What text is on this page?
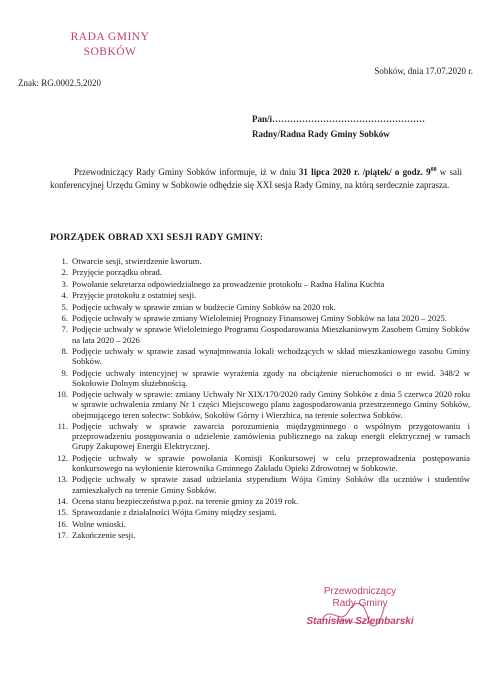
RADA GMINY
SOBKÓW
Znak: RG.0002.5.2020
Sobków, dnia 17.07.2020 r.
Pan/i……………………………………………
Radny/Radna Rady Gminy Sobków
Przewodniczący Rady Gminy Sobków informuje, iż w dniu 31 lipca 2020 r. /piątek/ o godz. $9^{00}$ w sali konferencyjnej Urzędu Gminy w Sobkowie odbędzie się XXI sesja Rady Gminy, na którą serdecznie zaprasza.
PORZĄDEK OBRAD XXI SESJI RADY GMINY:
1. Otwarcie sesji, stwierdzenie kworum.
2. Przyjęcie porządku obrad.
3. Powołanie sekretarza odpowiedzialnego za prowadzenie protokołu – Radna Halina Kuchta
4. Przyjęcie protokołu z ostatniej sesji.
5. Podjęcie uchwały w sprawie zmian w budżecie Gminy Sobków na 2020 rok.
6. Podjęcie uchwały w sprawie zmiany Wieloletniej Prognozy Finansowej Gminy Sobków na lata 2020 – 2025.
7. Podjęcie uchwały w sprawie Wieloletniego Programu Gospodarowania Mieszkaniowym Zasobem Gminy Sobków na lata 2020 – 2026
8. Podjęcie uchwały w sprawie zasad wynajmowania lokali wchodzących w skład mieszkaniowego zasobu Gminy Sobków.
9. Podjęcie uchwały intencyjnej w sprawie wyrażenia zgody na obciążenie nieruchomości o nr ewid. 348/2 w Sokołowie Dolnym służebnością.
10. Podjęcie uchwały w sprawie: zmiany Uchwały Nr XIX/170/2020 rady Gminy Sobków z dnia 5 czerwca 2020 roku w sprawie uchwalenia zmiany Nr 1 części Miejscowego planu zagospodarowania przestrzennego Gminy Sobków, obejmującego teren sołectw: Sobków, Sokołów Górny i Wierzbica, na terenie sołectwa Sobków.
11. Podjęcie uchwały w sprawie zawarcia porozumienia międzygminnego o wspólnym przygotowaniu i przeprowadzeniu postępowania o udzielenie zamówienia publicznego na zakup energii elektrycznej w ramach Grupy Zakupowej Energii Elektrycznej.
12. Podjęcie uchwały w sprawie powołania Komisji Konkursowej w celu przeprowadzenia postępowania konkursowego na wyłonienie kierownika Gminnego Zakładu Opieki Zdrowotnej w Sobkowie.
13. Podjęcie uchwały w sprawie zasad udzielania stypendium Wójta Gminy Sobków dla uczniów i studentów zamieszkałych na terenie Gminy Sobków.
14. Ocena stanu bezpieczeństwa p.poż. na terenie gminy za 2019 rok.
15. Sprawozdanie z działalności Wójta Gminy między sesjami.
16. Wolne wnioski.
17. Zakończenie sesji.
Przewodniczący
Rady Gminy
Stanisław Szlembarski
